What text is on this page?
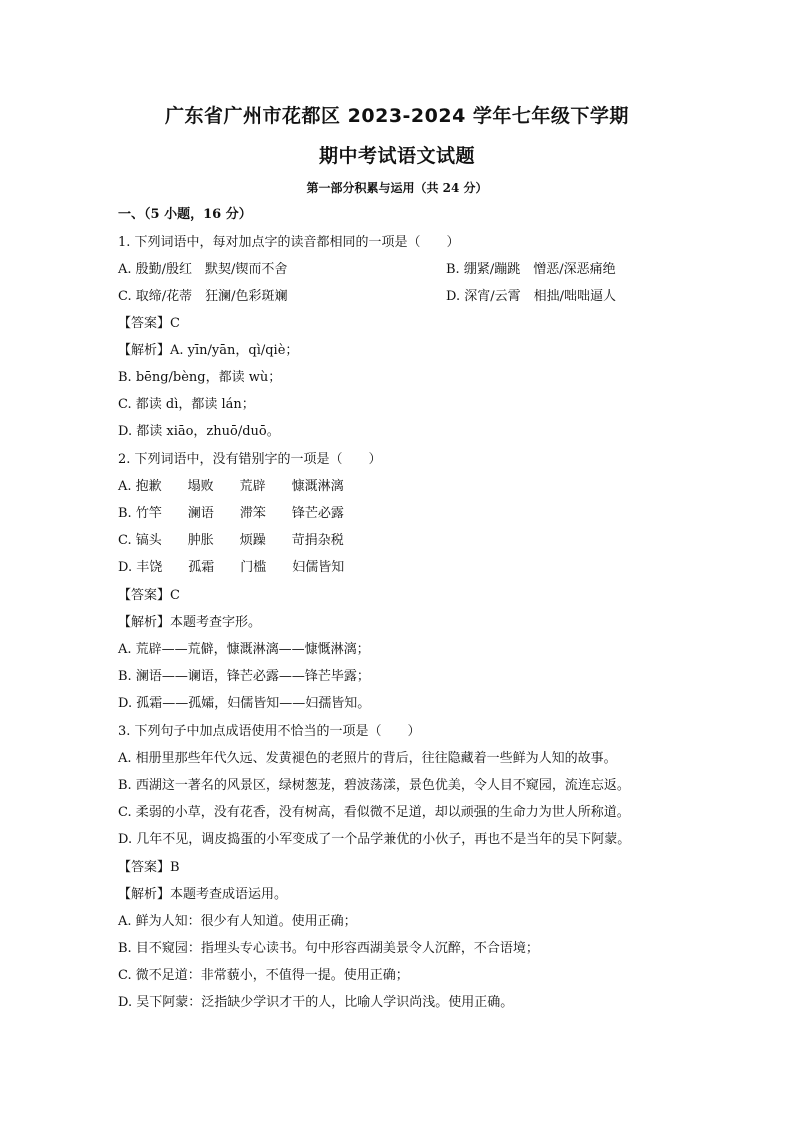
广东省广州市花都区 2023-2024 学年七年级下学期
期中考试语文试题
第一部分积累与运用（共 24 分）
一、（5 小题，16 分）
1. 下列词语中，每对加点字的读音都相同的一项是（　　）
A. 殷勤/殷红　默契/锲而不舍	B. 绷紧/蹦跳　憎恶/深恶痛绝
C. 取缔/花蒂　狂澜/色彩斑斓	D. 深宵/云霄　相拙/咄咄逼人
【答案】C
【解析】A. yīn/yān，qì/qiè；
B. bēng/bèng，都读 wù；
C. 都读 dì，都读 lán；
D. 都读 xiāo，zhuō/duō。
2. 下列词语中，没有错别字的一项是（　　）
A. 抱歉　　塌败　　荒辟　　慷溉淋漓
B. 竹竿　　澜语　　滞笨　　锋芒必露
C. 镐头　　肿胀　　烦躁　　苛捐杂税
D. 丰饶　　孤霜　　门槛　　妇儒皆知
【答案】C
【解析】本题考查字形。
A. 荒辟——荒僻，慷溉淋漓——慷慨淋漓；
B. 澜语——谰语，锋芒必露——锋芒毕露；
D. 孤霜——孤孀，妇儒皆知——妇孺皆知。
3. 下列句子中加点成语使用不恰当的一项是（　　）
A. 相册里那些年代久远、发黄褪色的老照片的背后，往往隐藏着一些鲜为人知的故事。
B. 西湖这一著名的风景区，绿树葱茏，碧波荡漾，景色优美，令人目不窥园，流连忘返。
C. 柔弱的小草，没有花香，没有树高，看似微不足道，却以顽强的生命力为世人所称道。
D. 几年不见，调皮捣蛋的小军变成了一个品学兼优的小伙子，再也不是当年的吴下阿蒙。
【答案】B
【解析】本题考查成语运用。
A. 鲜为人知：很少有人知道。使用正确；
B. 目不窥园：指埋头专心读书。句中形容西湖美景令人沉醉，不合语境；
C. 微不足道：非常藐小，不值得一提。使用正确；
D. 吴下阿蒙：泛指缺少学识才干的人，比喻人学识尚浅。使用正确。
